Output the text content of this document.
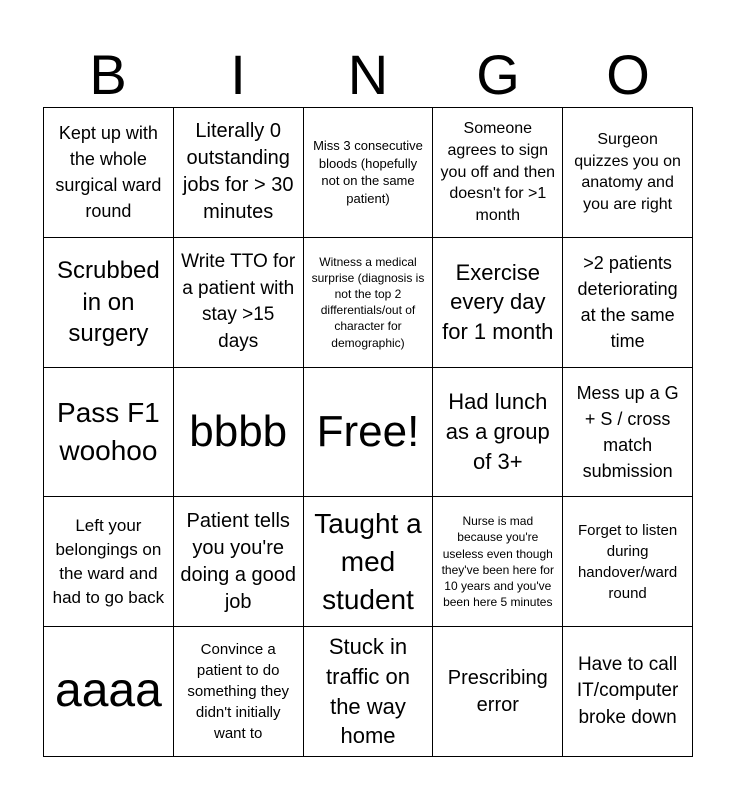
B	I	N	G	O
Kept up with the whole surgical ward round
Literally 0 outstanding jobs for > 30 minutes
Miss 3 consecutive bloods (hopefully not on the same patient)
Someone agrees to sign you off and then doesn't for >1 month
Surgeon quizzes you on anatomy and you are right
Scrubbed in on surgery
Write TTO for a patient with stay >15 days
Witness a medical surprise (diagnosis is not the top 2 differentials/out of character for demographic)
Exercise every day for 1 month
>2 patients deteriorating at the same time
Pass F1 woohoo bbbb Free!
Had lunch as a group of 3+
Mess up a G + S / cross match submission
Left your belongings on the ward and had to go back
Patient tells you you're doing a good job
Taught a med student
Nurse is mad because you're useless even though they've been here for 10 years and you've been here 5 minutes
Forget to listen during handover/ward round
aaaa
Convince a patient to do something they didn't initially want to
Stuck in traffic on the way home
Prescribing error
Have to call IT/computer broke down
